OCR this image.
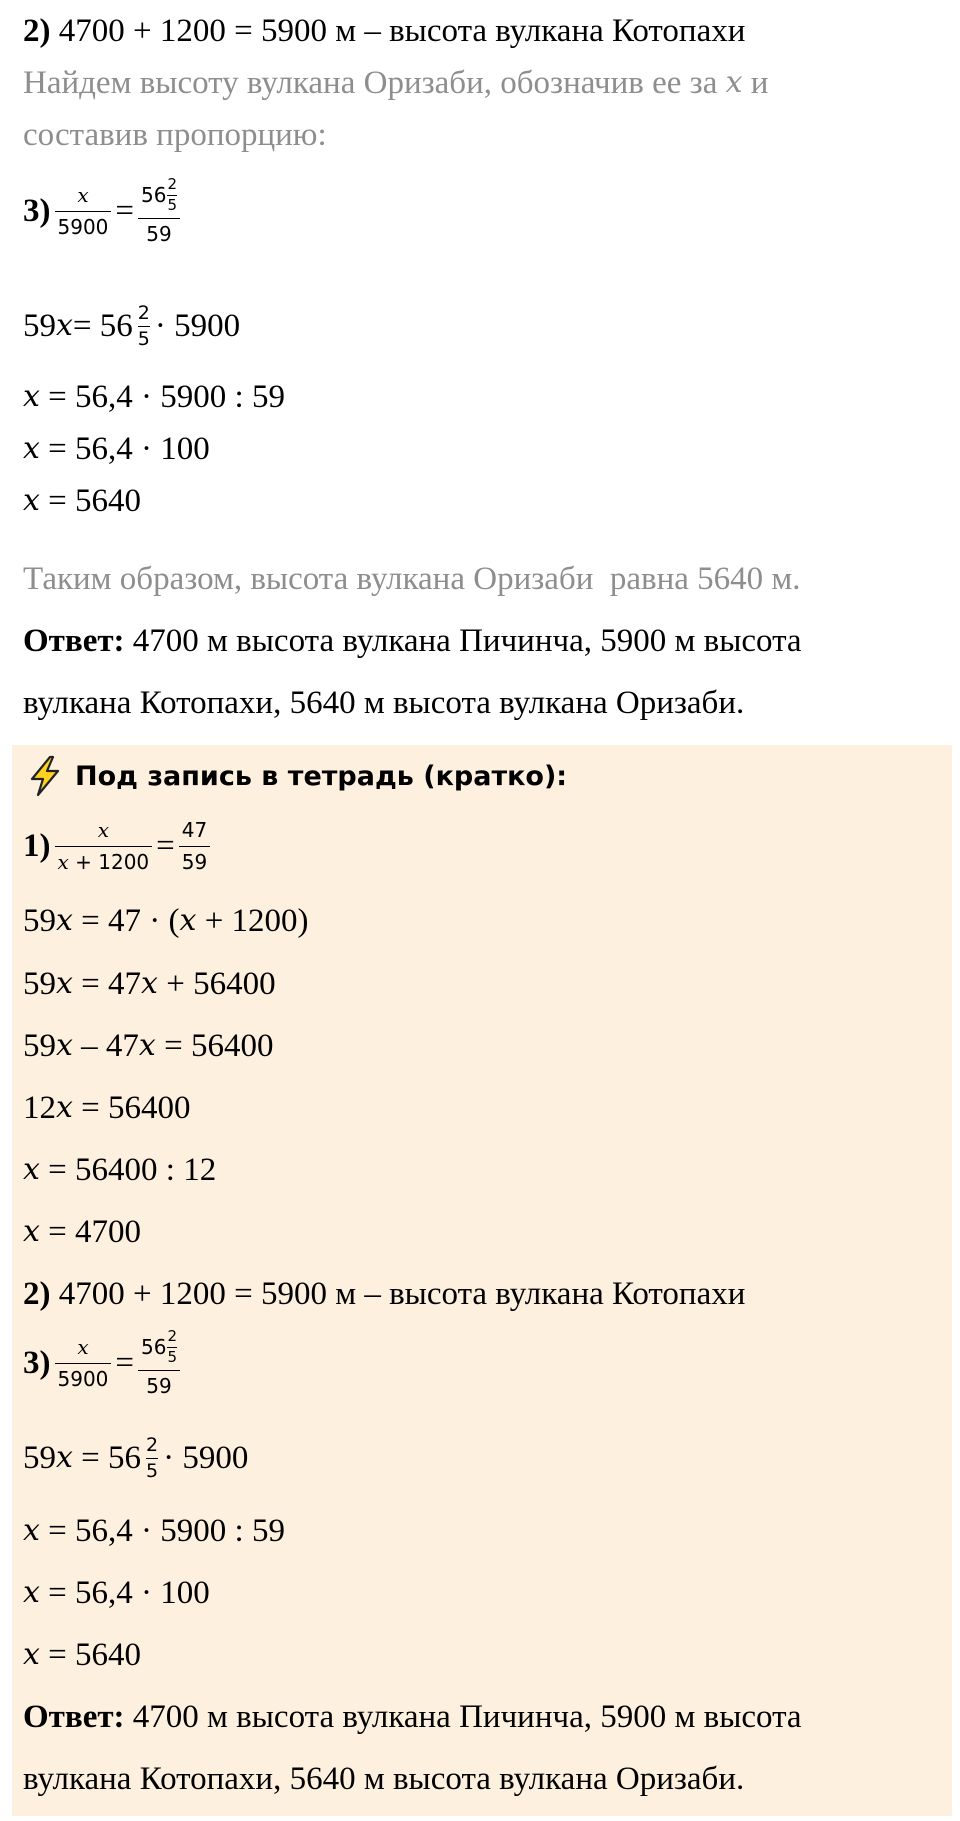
2)
4700 + 1200 = 5900 м – высота вулкана Котопахи
Найдем высоту вулкана Оризаби, обозначив ее за
x
и
составив пропорцию:
$3) \frac{x}{5900} = 56$ 2
5
59
59 $x = 56 \frac{2}{5} \cdot 5900$
x = 56,4 · 5900 : 59
x = 56,4 · 100
x = 5640
Таким образом, высота вулкана Оризаби  равна 5640 м.
Ответ: 4700 м высота вулкана Пичинча, 5900 м высота
вулкана Котопахи, 5640 м высота вулкана Оризаби.
Под запись в тетрадь (кратко):
$1) \frac{x}{x + 1200} = \frac{47}{59}$
59 x = 47 · ( x + 1200)
59 x = 47 x + 56400
59 x – 47 x = 56400
12 x = 56400
x = 56400 : 12
x = 4700
2) 4700 + 1200 = 5900 м – высота вулкана Котопахи
$3) \frac{x}{5900} = 56$ 2
5
59
59 $x = 56 \frac{2}{5} \cdot 5900$
x = 56,4 · 5900 : 59
x = 56,4 · 100
x = 5640
Ответ: 4700 м высота вулкана Пичинча, 5900 м высота
вулкана Котопахи, 5640 м высота вулкана Оризаби.
